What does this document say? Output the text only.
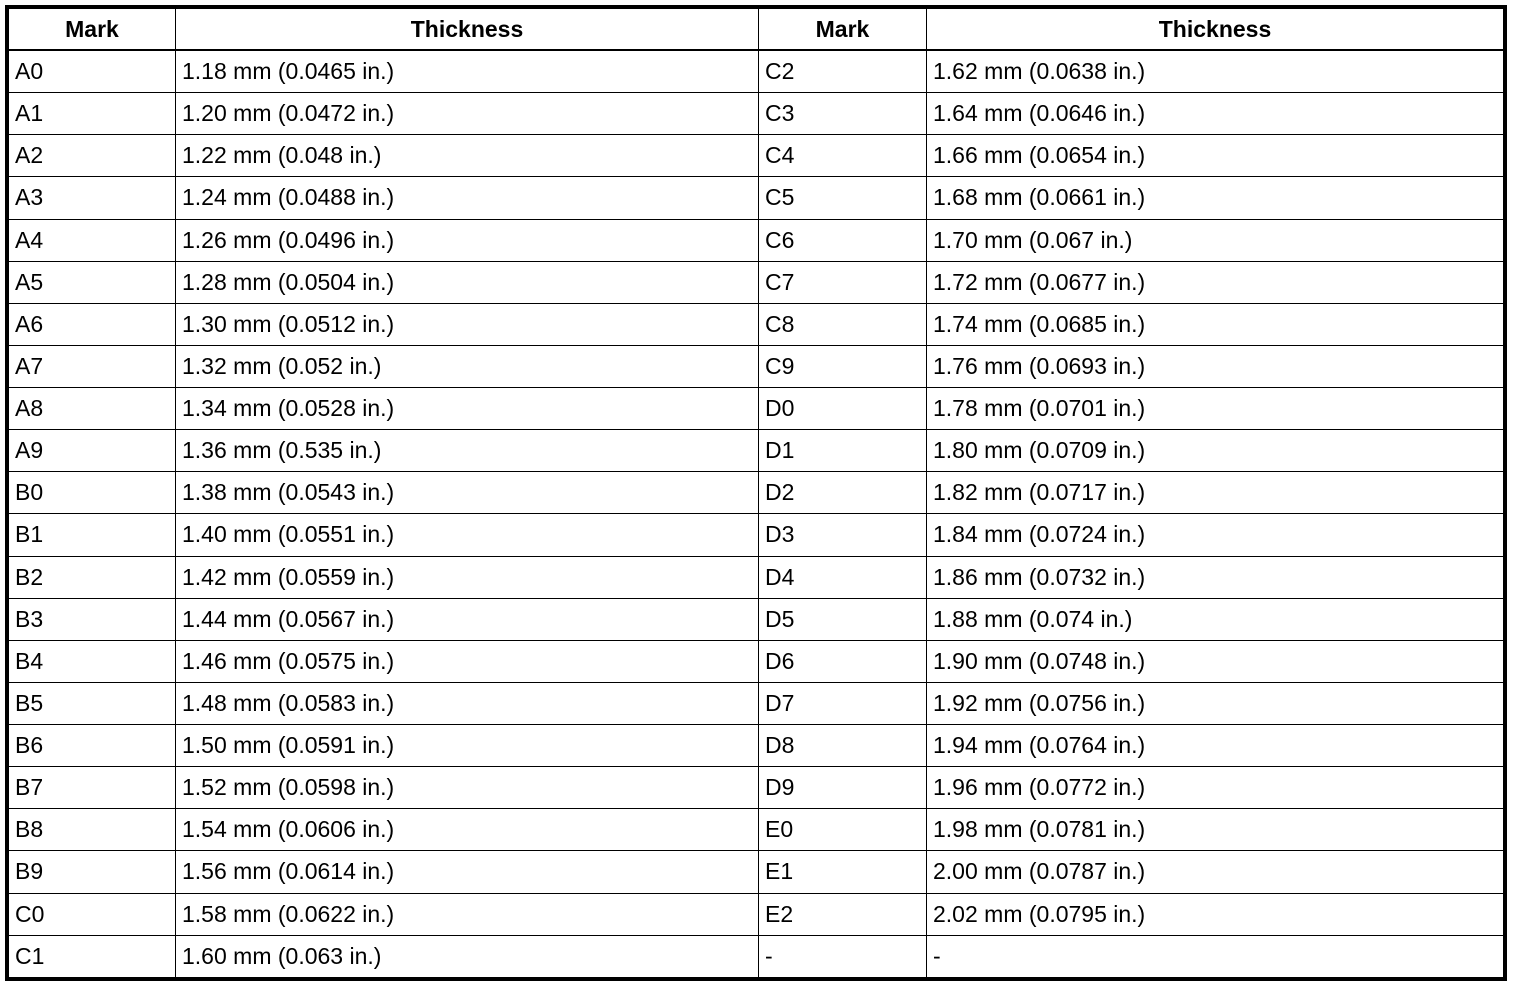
Mark	Thickness	Mark	Thickness
A0	1.18 mm (0.0465 in.)	C2	1.62 mm (0.0638 in.)
A1	1.20 mm (0.0472 in.)	C3	1.64 mm (0.0646 in.)
A2	1.22 mm (0.048 in.)	C4	1.66 mm (0.0654 in.)
A3	1.24 mm (0.0488 in.)	C5	1.68 mm (0.0661 in.)
A4	1.26 mm (0.0496 in.)	C6	1.70 mm (0.067 in.)
A5	1.28 mm (0.0504 in.)	C7	1.72 mm (0.0677 in.)
A6	1.30 mm (0.0512 in.)	C8	1.74 mm (0.0685 in.)
A7	1.32 mm (0.052 in.)	C9	1.76 mm (0.0693 in.)
A8	1.34 mm (0.0528 in.)	D0	1.78 mm (0.0701 in.)
A9	1.36 mm (0.535 in.)	D1	1.80 mm (0.0709 in.)
B0	1.38 mm (0.0543 in.)	D2	1.82 mm (0.0717 in.)
B1	1.40 mm (0.0551 in.)	D3	1.84 mm (0.0724 in.)
B2	1.42 mm (0.0559 in.)	D4	1.86 mm (0.0732 in.)
B3	1.44 mm (0.0567 in.)	D5	1.88 mm (0.074 in.)
B4	1.46 mm (0.0575 in.)	D6	1.90 mm (0.0748 in.)
B5	1.48 mm (0.0583 in.)	D7	1.92 mm (0.0756 in.)
B6	1.50 mm (0.0591 in.)	D8	1.94 mm (0.0764 in.)
B7	1.52 mm (0.0598 in.)	D9	1.96 mm (0.0772 in.)
B8	1.54 mm (0.0606 in.)	E0	1.98 mm (0.0781 in.)
B9	1.56 mm (0.0614 in.)	E1	2.00 mm (0.0787 in.)
C0	1.58 mm (0.0622 in.)	E2	2.02 mm (0.0795 in.)
C1	1.60 mm (0.063 in.)	-	-
